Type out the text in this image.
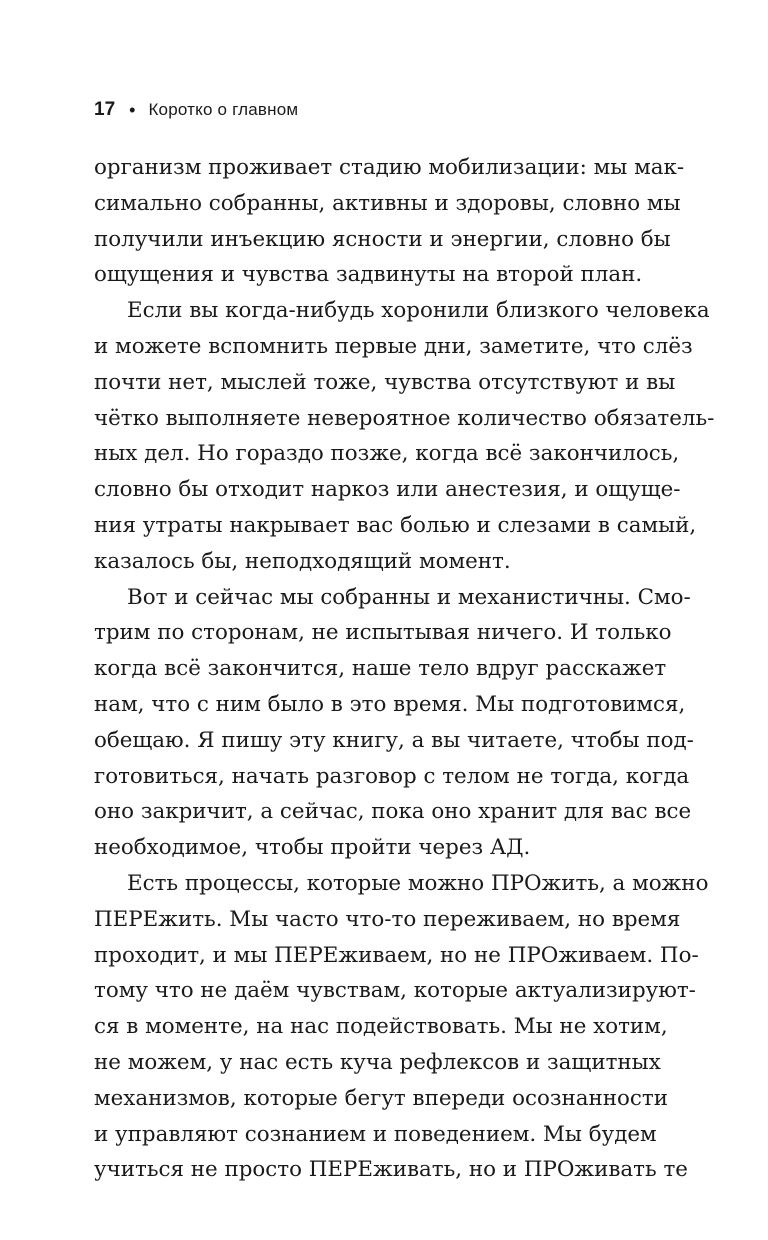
17 • Коротко о главном
организм проживает стадию мобилизации: мы мак-
симально собранны, активны и здоровы, словно мы
получили инъекцию ясности и энергии, словно бы
ощущения и чувства задвинуты на второй план.
Если вы когда-нибудь хоронили близкого человека
и можете вспомнить первые дни, заметите, что слёз
почти нет, мыслей тоже, чувства отсутствуют и вы
чётко выполняете невероятное количество обязатель-
ных дел. Но гораздо позже, когда всё закончилось,
словно бы отходит наркоз или анестезия, и ощуще-
ния утраты накрывает вас болью и слезами в самый,
казалось бы, неподходящий момент.
Вот и сейчас мы собранны и механистичны. Смо-
трим по сторонам, не испытывая ничего. И только
когда всё закончится, наше тело вдруг расскажет
нам, что с ним было в это время. Мы подготовимся,
обещаю. Я пишу эту книгу, а вы читаете, чтобы под-
готовиться, начать разговор с телом не тогда, когда
оно закричит, а сейчас, пока оно хранит для вас все
необходимое, чтобы пройти через АД.
Есть процессы, которые можно ПРОжить, а можно
ПЕРЕжить. Мы часто что-то переживаем, но время
проходит, и мы ПЕРЕживаем, но не ПРОживаем. По-
тому что не даём чувствам, которые актуализируют-
ся в моменте, на нас подействовать. Мы не хотим,
не можем, у нас есть куча рефлексов и защитных
механизмов, которые бегут впереди осознанности
и управляют сознанием и поведением. Мы будем
учиться не просто ПЕРЕживать, но и ПРОживать те
